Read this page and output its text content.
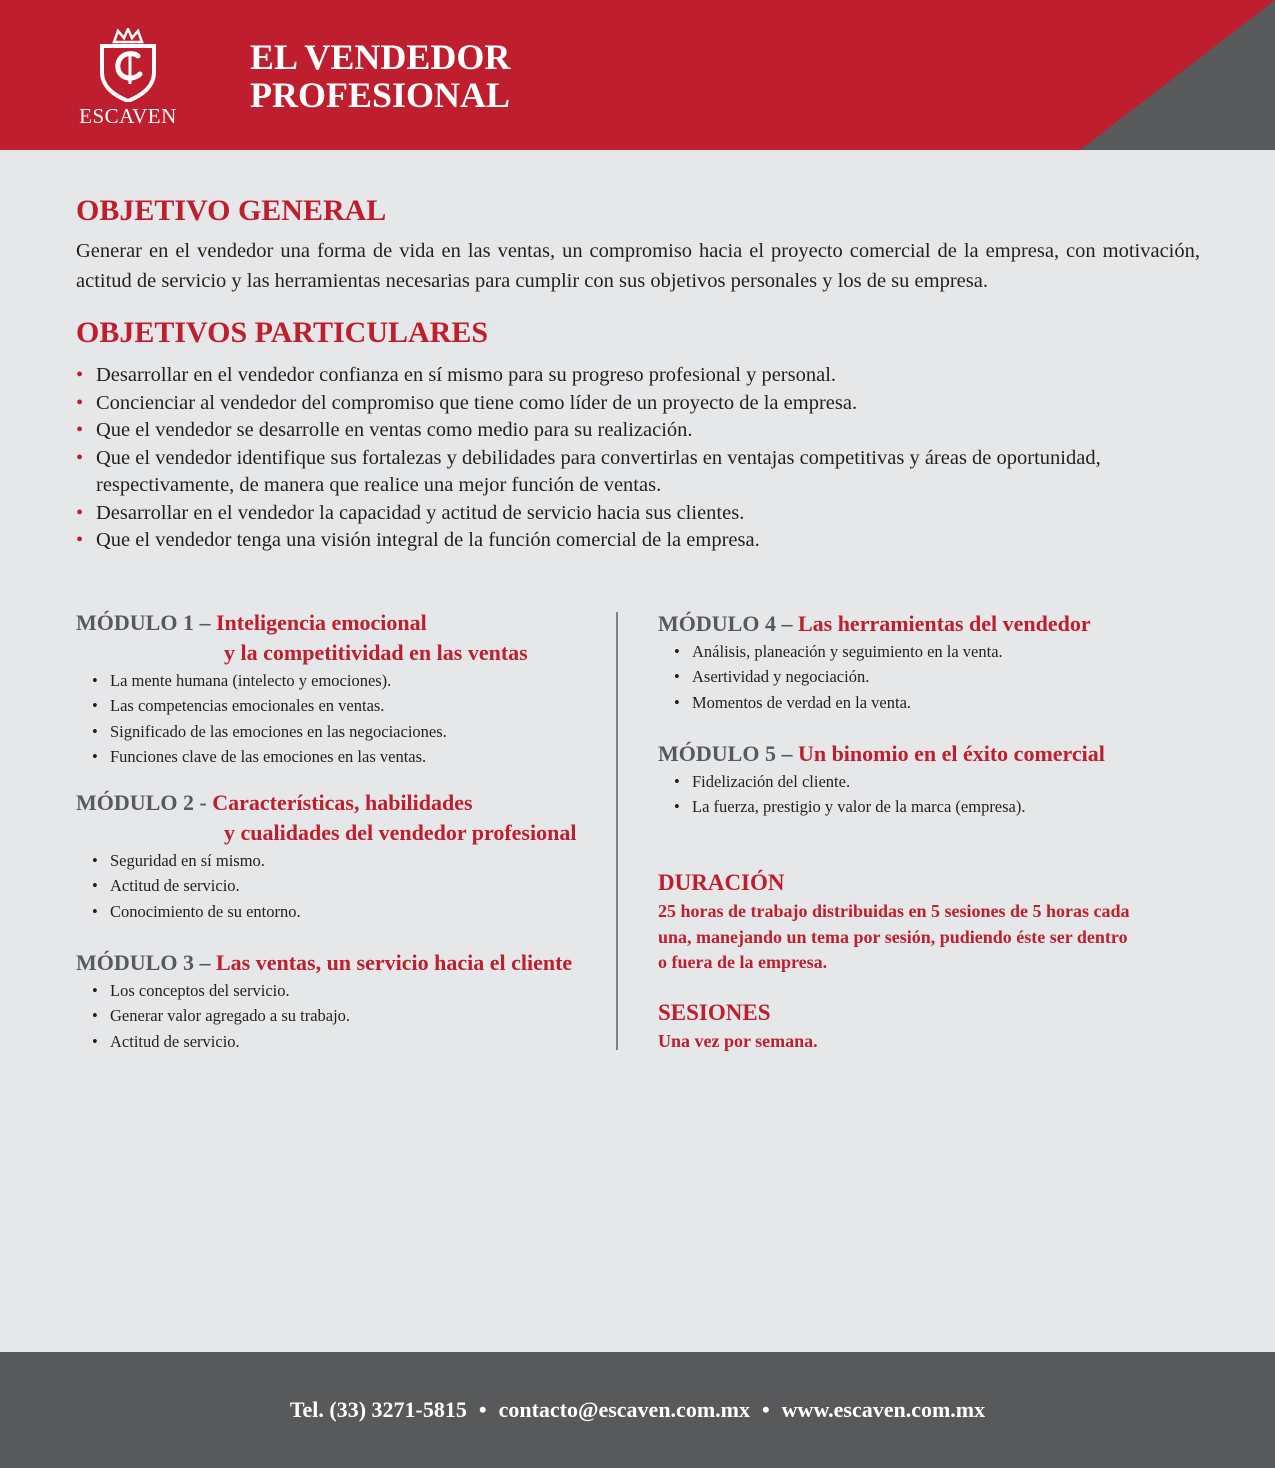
ESCAVEN
EL VENDEDOR
PROFESIONAL
OBJETIVO GENERAL

Generar en el vendedor una forma de vida en las ventas, un compromiso hacia el proyecto comercial de la empresa, con motivación, actitud de servicio y las herramientas necesarias para cumplir con sus objetivos personales y los de su empresa.

OBJETIVOS PARTICULARES
• Desarrollar en el vendedor confianza en sí mismo para su progreso profesional y personal.
• Concienciar al vendedor del compromiso que tiene como líder de un proyecto de la empresa.
• Que el vendedor se desarrolle en ventas como medio para su realización.
• Que el vendedor identifique sus fortalezas y debilidades para convertirlas en ventajas competitivas y áreas de oportunidad, respectivamente, de manera que realice una mejor función de ventas.
• Desarrollar en el vendedor la capacidad y actitud de servicio hacia sus clientes.
• Que el vendedor tenga una visión integral de la función comercial de la empresa.
MÓDULO 1 – Inteligencia emocional
y la competitividad en las ventas
• La mente humana (intelecto y emociones).
• Las competencias emocionales en ventas.
• Significado de las emociones en las negociaciones.
• Funciones clave de las emociones en las ventas.
MÓDULO 2 - Características, habilidades
y cualidades del vendedor profesional
• Seguridad en sí mismo.
• Actitud de servicio.
• Conocimiento de su entorno.
MÓDULO 3 – Las ventas, un servicio hacia el cliente
• Los conceptos del servicio.
• Generar valor agregado a su trabajo.
• Actitud de servicio.
MÓDULO 4 – Las herramientas del vendedor
• Análisis, planeación y seguimiento en la venta.
• Asertividad y negociación.
• Momentos de verdad en la venta.
MÓDULO 5 – Un binomio en el éxito comercial
• Fidelización del cliente.
• La fuerza, prestigio y valor de la marca (empresa).
DURACIÓN

25 horas de trabajo distribuidas en 5 sesiones de 5 horas cada
una, manejando un tema por sesión, pudiendo éste ser dentro
o fuera de la empresa.

SESIONES

Una vez por semana.

Tel. (33) 3271-5815 • contacto@escaven.com.mx • www.escaven.com.mx
